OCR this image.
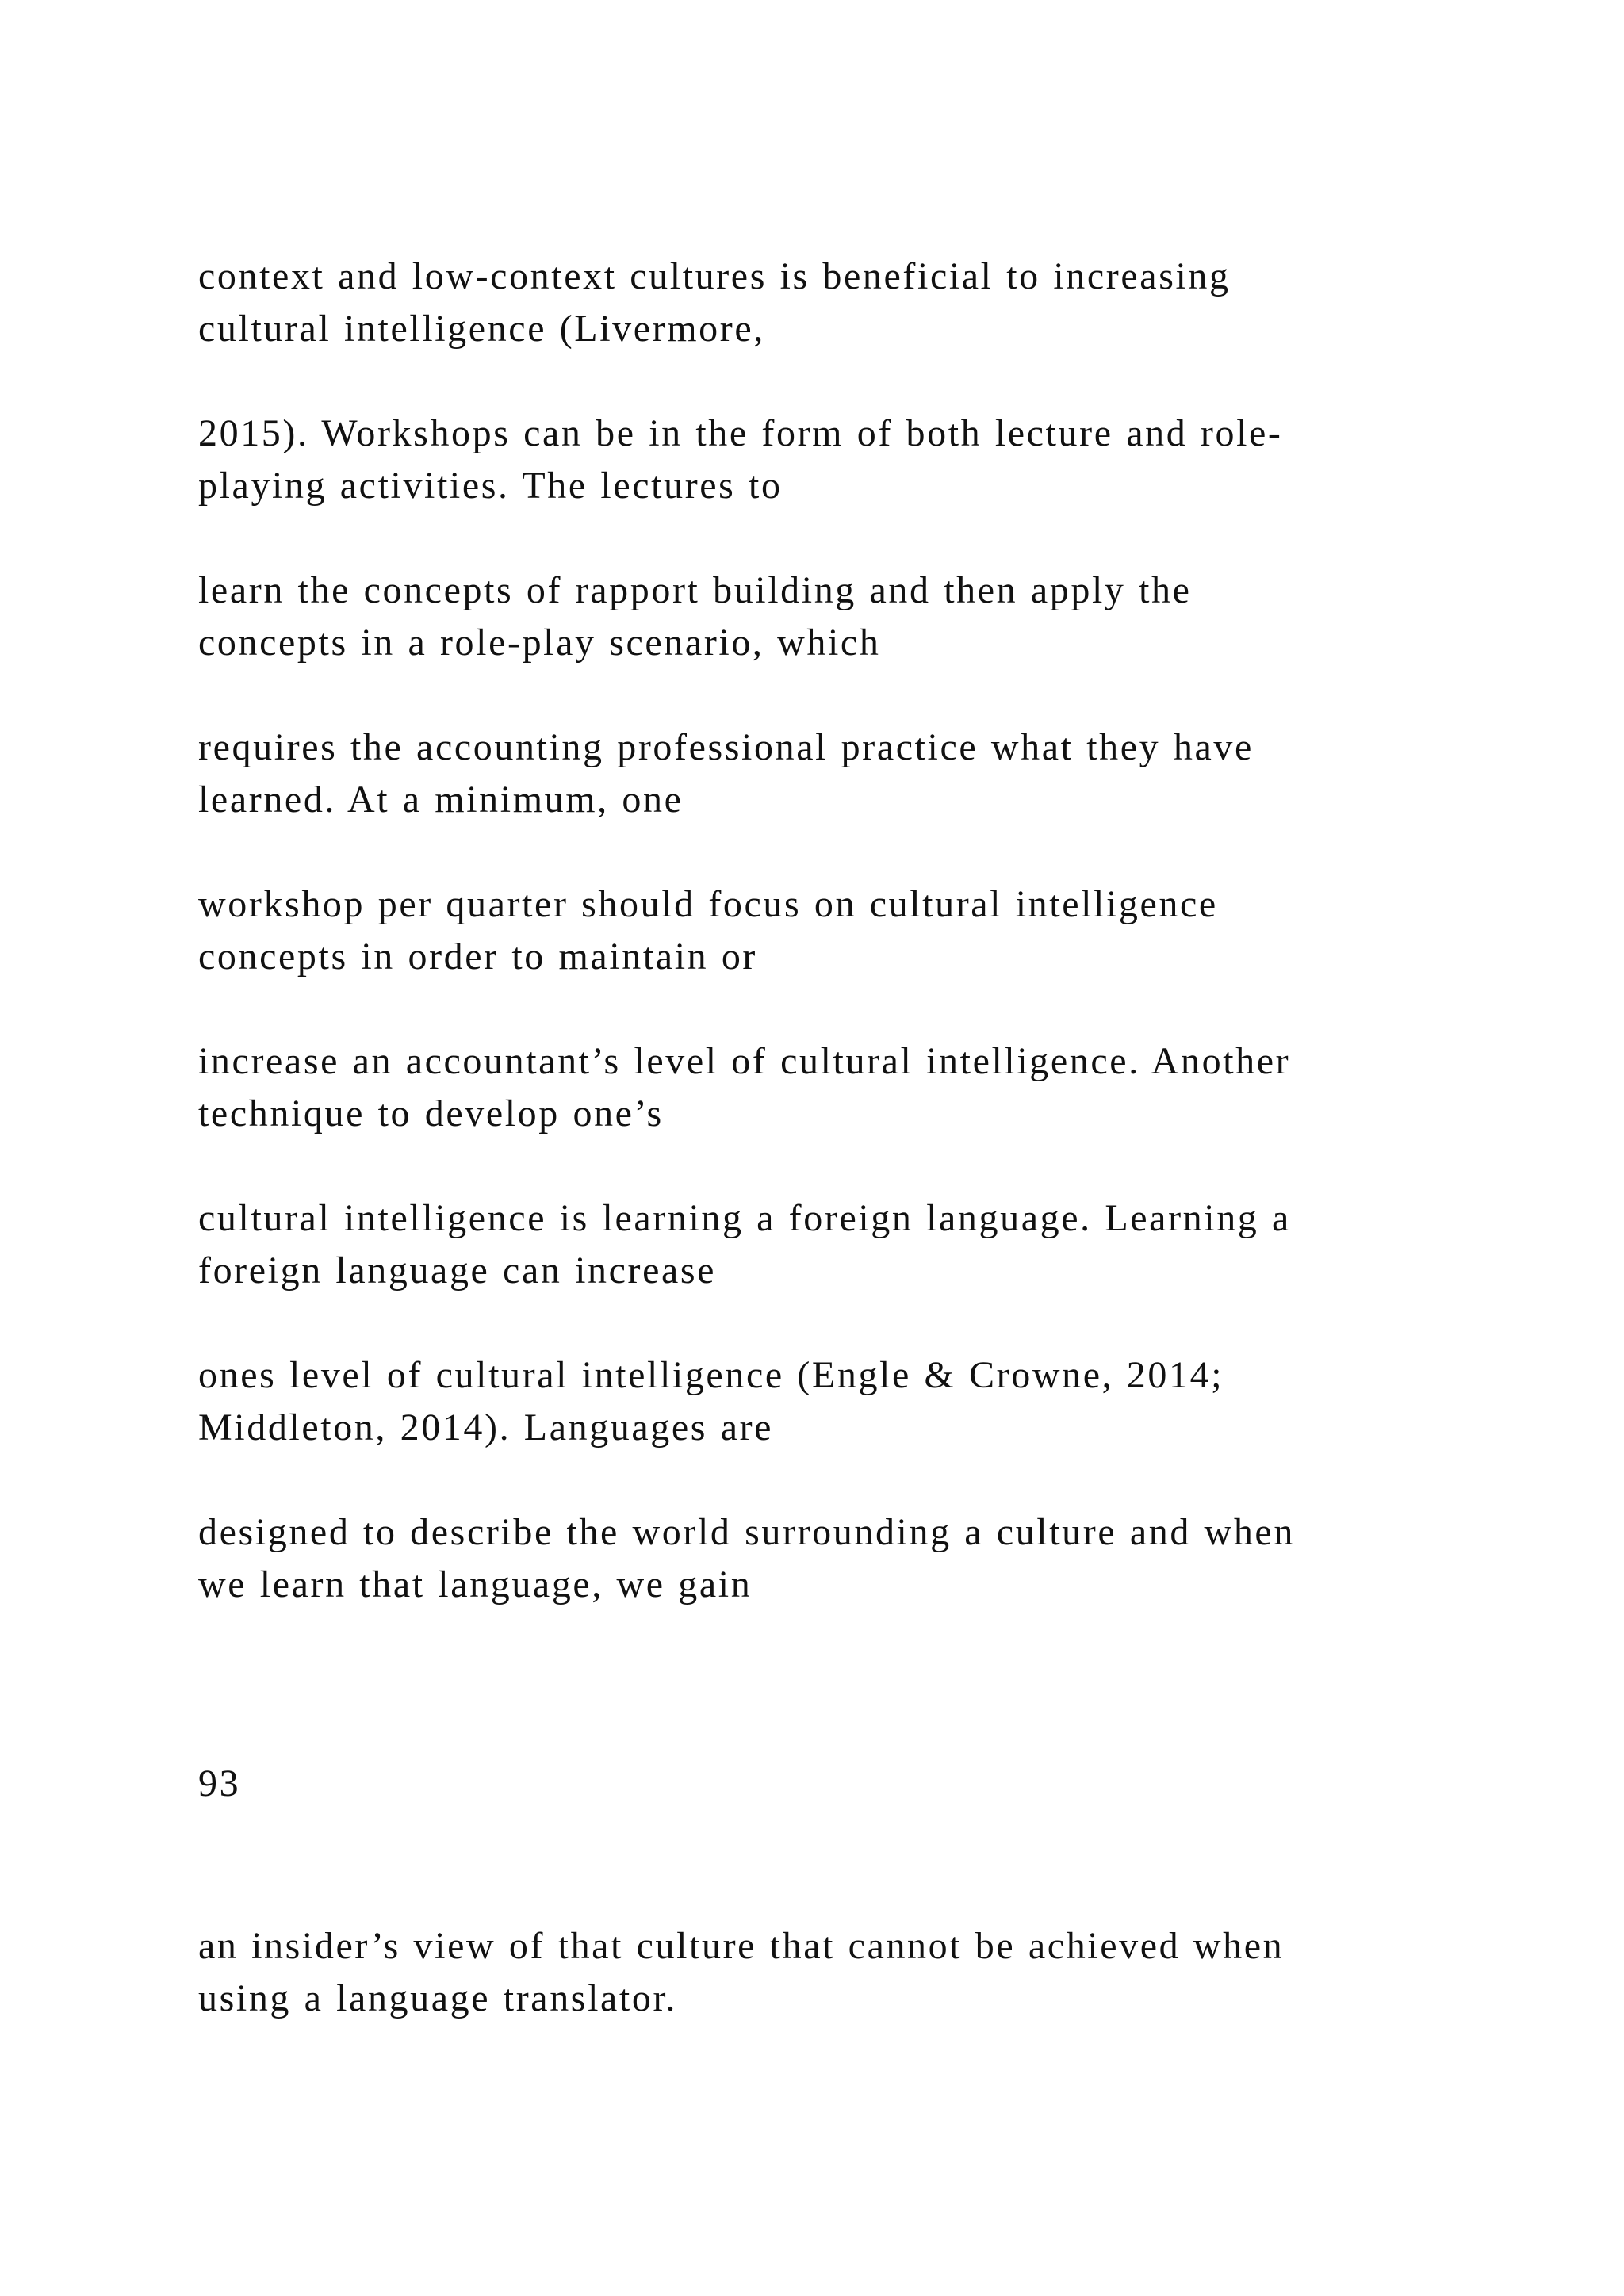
context and low-context cultures is beneficial to increasing
cultural intelligence (Livermore,

2015). Workshops can be in the form of both lecture and role-
playing activities. The lectures to

learn the concepts of rapport building and then apply the
concepts in a role-play scenario, which

requires the accounting professional practice what they have
learned. At a minimum, one

workshop per quarter should focus on cultural intelligence
concepts in order to maintain or

increase an accountant’s level of cultural intelligence. Another
technique to develop one’s

cultural intelligence is learning a foreign language. Learning a
foreign language can increase

ones level of cultural intelligence (Engle & Crowne, 2014;
Middleton, 2014). Languages are

designed to describe the world surrounding a culture and when
we learn that language, we gain

93

an insider’s view of that culture that cannot be achieved when
using a language translator.
